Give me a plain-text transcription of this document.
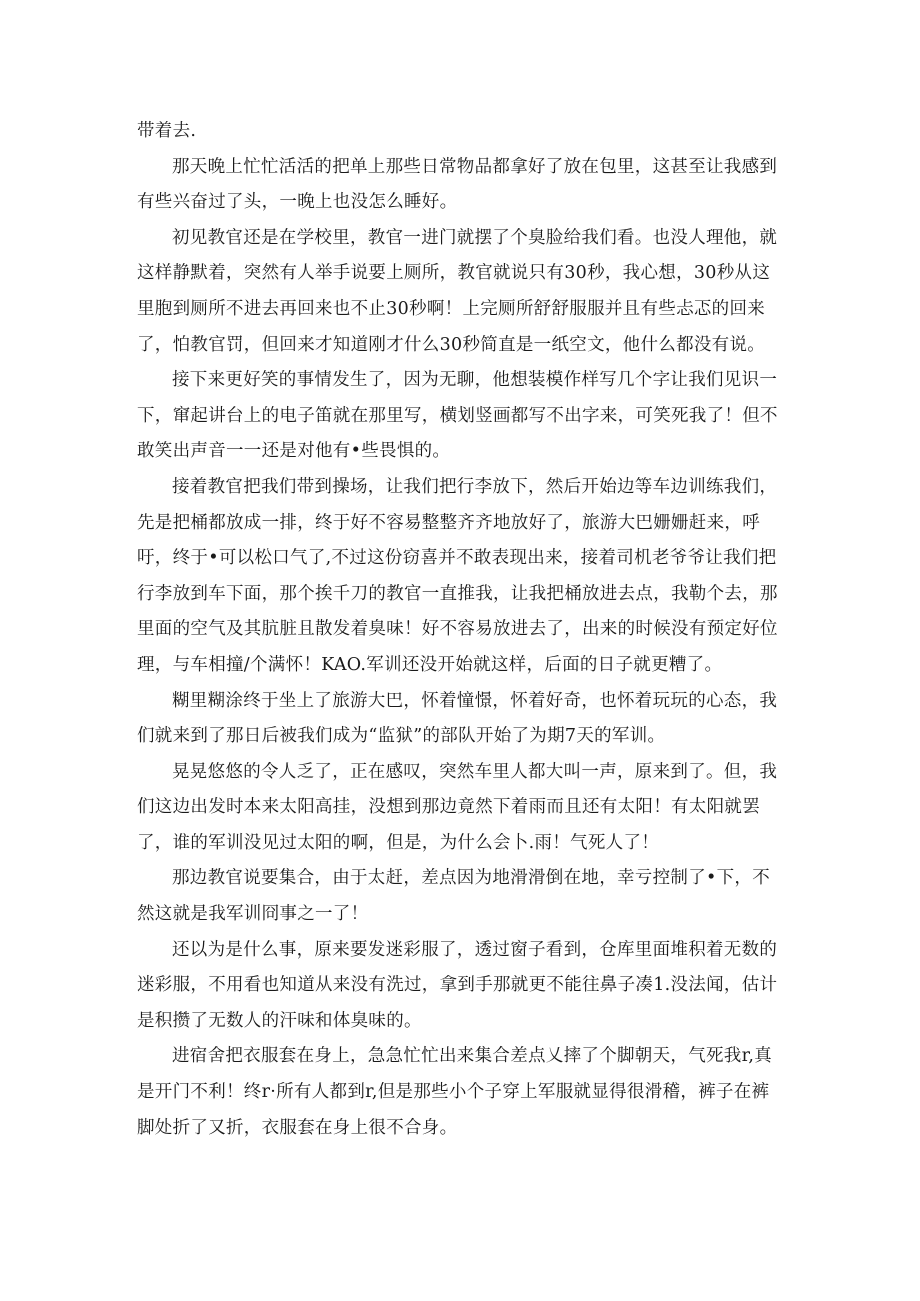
带着去.

那天晚上忙忙活活的把单上那些日常物品都拿好了放在包里，这甚至让我感到有些兴奋过了头，一晚上也没怎么睡好。

初见教官还是在学校里，教官一进门就摆了个臭脸给我们看。也没人理他，就这样静默着，突然有人举手说要上厕所，教官就说只有30秒，我心想，30秒从这里胞到厕所不进去再回来也不止30秒啊！上完厕所舒舒服服并且有些忐忑的回来了，怕教官罚，但回来才知道刚才什么30秒简直是一纸空文，他什么都没有说。

接下来更好笑的事情发生了，因为无聊，他想装模作样写几个字让我们见识一下，窜起讲台上的电子笛就在那里写，横划竖画都写不出字来，可笑死我了！但不敢笑出声音一一还是对他有•些畏惧的。

接着教官把我们带到操场，让我们把行李放下，然后开始边等车边训练我们，先是把桶都放成一排，终于好不容易整整齐齐地放好了，旅游大巴姗姗赶来，呼吁，终于•可以松口气了,不过这份窃喜并不敢表现出来，接着司机老爷爷让我们把行李放到车下面，那个挨千刀的教官一直推我，让我把桶放进去点，我勒个去，那里面的空气及其肮脏且散发着臭味！好不容易放进去了，出来的时候没有预定好位理，与车相撞/个满怀！KAO.军训还没开始就这样，后面的日子就更糟了。

糊里糊涂终于坐上了旅游大巴，怀着憧憬，怀着好奇，也怀着玩玩的心态，我们就来到了那日后被我们成为“监狱”的部队开始了为期7天的军训。

晃晃悠悠的令人乏了，正在感叹，突然车里人都大叫一声，原来到了。但，我们这边出发时本来太阳高挂，没想到那边竟然下着雨而且还有太阳！有太阳就罢了，谁的军训没见过太阳的啊，但是，为什么会卜.雨！气死人了！

那边教官说要集合，由于太赶，差点因为地滑滑倒在地，幸亏控制了•下，不然这就是我军训冏事之一了！

还以为是什么事，原来要发迷彩服了，透过窗子看到，仓库里面堆积着无数的迷彩服，不用看也知道从来没有洗过，拿到手那就更不能往鼻子凑1.没法闻，估计是积攒了无数人的汗味和体臭味的。

进宿舍把衣服套在身上，急急忙忙出来集合差点乂摔了个脚朝天，气死我r,真是开门不利！终r·所有人都到r,但是那些小个子穿上军服就显得很滑稽，裤子在裤脚处折了又折，衣服套在身上很不合身。
